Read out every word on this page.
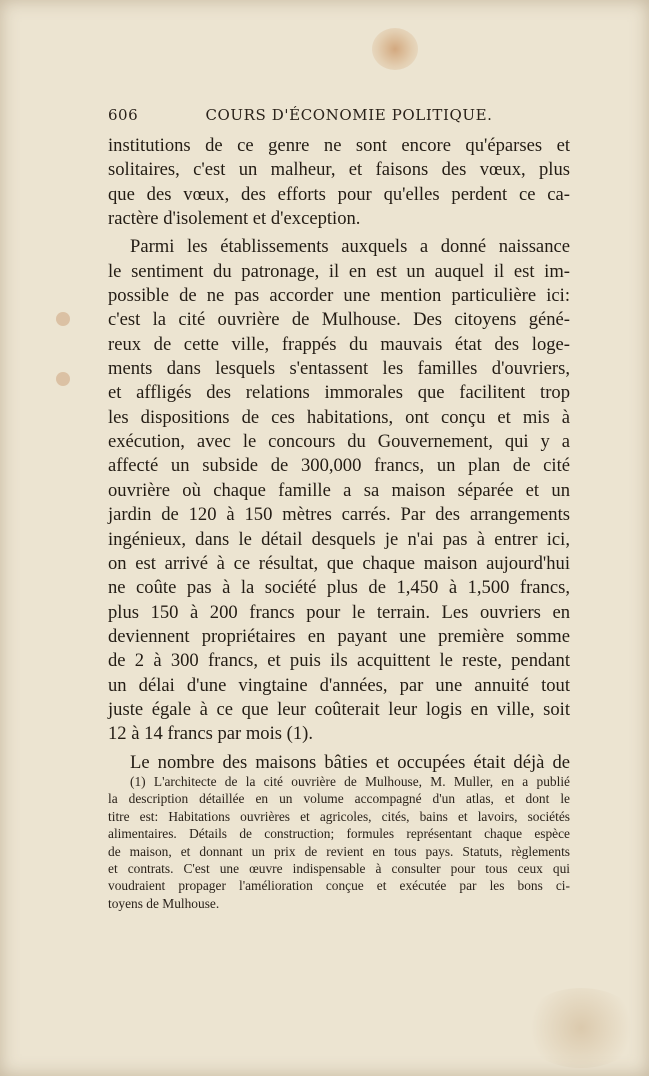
606	COURS D'ÉCONOMIE POLITIQUE.
institutions de ce genre ne sont encore qu'éparses et
solitaires, c'est un malheur, et faisons des vœux, plus
que des vœux, des efforts pour qu'elles perdent ce ca-
ractère d'isolement et d'exception.
Parmi les établissements auxquels a donné naissance
le sentiment du patronage, il en est un auquel il est im-
possible de ne pas accorder une mention particulière ici:
c'est la cité ouvrière de Mulhouse. Des citoyens géné-
reux de cette ville, frappés du mauvais état des loge-
ments dans lesquels s'entassent les familles d'ouvriers,
et affligés des relations immorales que facilitent trop
les dispositions de ces habitations, ont conçu et mis à
exécution, avec le concours du Gouvernement, qui y a
affecté un subside de 300,000 francs, un plan de cité
ouvrière où chaque famille a sa maison séparée et un
jardin de 120 à 150 mètres carrés. Par des arrangements
ingénieux, dans le détail desquels je n'ai pas à entrer ici,
on est arrivé à ce résultat, que chaque maison aujourd'hui
ne coûte pas à la société plus de 1,450 à 1,500 francs,
plus 150 à 200 francs pour le terrain. Les ouvriers en
deviennent propriétaires en payant une première somme
de 2 à 300 francs, et puis ils acquittent le reste, pendant
un délai d'une vingtaine d'années, par une annuité tout
juste égale à ce que leur coûterait leur logis en ville, soit
12 à 14 francs par mois (1).
Le nombre des maisons bâties et occupées était déjà de
(1) L'architecte de la cité ouvrière de Mulhouse, M. Muller, en a publié
la description détaillée en un volume accompagné d'un atlas, et dont le
titre est: Habitations ouvrières et agricoles, cités, bains et lavoirs, sociétés
alimentaires. Détails de construction; formules représentant chaque espèce
de maison, et donnant un prix de revient en tous pays. Statuts, règlements
et contrats. C'est une œuvre indispensable à consulter pour tous ceux qui
voudraient propager l'amélioration conçue et exécutée par les bons ci-
toyens de Mulhouse.
